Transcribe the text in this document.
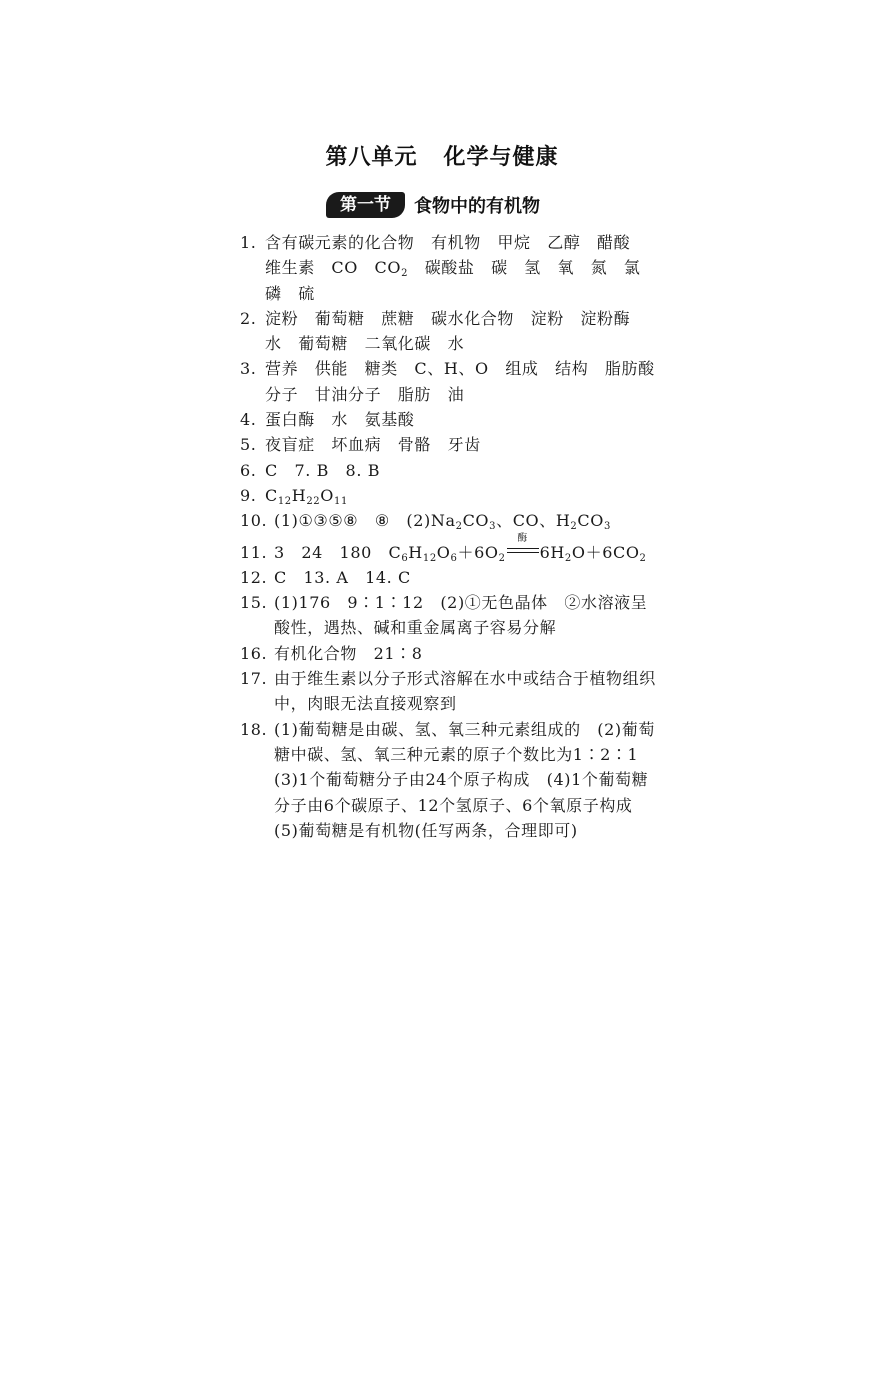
第八单元 化学与健康
第一节	食物中的有机物
1. 含有碳元素的化合物　有机物　甲烷　乙醇　醋酸　维生素　CO　$CO_2$　碳酸盐　碳　氢　氧　氮　氯　磷　硫
2. 淀粉　葡萄糖　蔗糖　碳水化合物　淀粉　淀粉酶　水　葡萄糖　二氧化碳　水
3. 营养　供能　糖类　C、H、O　组成　结构　脂肪酸分子　甘油分子　脂肪　油
4. 蛋白酶　水　氨基酸
5. 夜盲症　坏血病　骨骼　牙齿
6. C　7. B　8. B
9. $C_{12}H_{22}O_{11}$
10. (1)①③⑤⑧　⑧　$(2)Na_2CO_3$、CO、$H_2CO_3$
11. 3　24　180　$C_6H_{12}O_6+6O_2$
酶
$6H_2O+6CO_2$
12. C　13. A　14. C
15. (1)176　9∶1∶12　(2)①无色晶体　②水溶液呈酸性，遇热、碱和重金属离子容易分解
16. 有机化合物　21∶8
17. 由于维生素以分子形式溶解在水中或结合于植物组织中，肉眼无法直接观察到
18. (1)葡萄糖是由碳、氢、氧三种元素组成的　(2)葡萄糖中碳、氢、氧三种元素的原子个数比为1∶2∶1　(3)1个葡萄糖分子由24个原子构成　(4)1个葡萄糖分子由6个碳原子、12个氢原子、6个氧原子构成　(5)葡萄糖是有机物(任写两条，合理即可)
